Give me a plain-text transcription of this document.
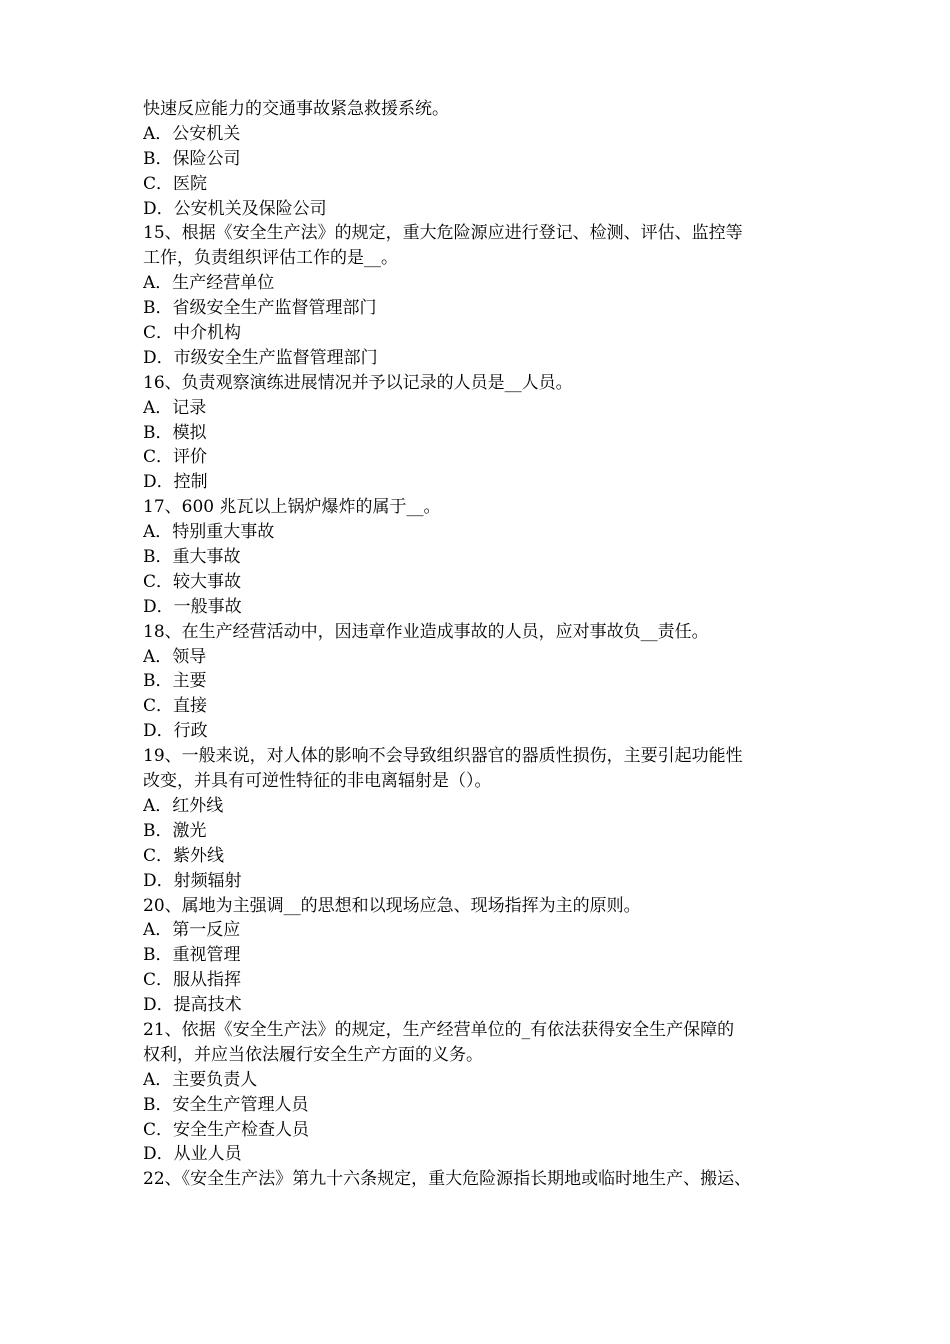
快速反应能力的交通事故紧急救援系统。
A．公安机关
B．保险公司
C．医院
D．公安机关及保险公司
15、根据《安全生产法》的规定，重大危险源应进行登记、检测、评估、监控等
工作，负责组织评估工作的是__。
A．生产经营单位
B．省级安全生产监督管理部门
C．中介机构
D．市级安全生产监督管理部门
16、负责观察演练进展情况并予以记录的人员是__人员。
A．记录
B．模拟
C．评价
D．控制
17、600 兆瓦以上锅炉爆炸的属于__。
A．特别重大事故
B．重大事故
C．较大事故
D．一般事故
18、在生产经营活动中，因违章作业造成事故的人员，应对事故负__责任。
A．领导
B．主要
C．直接
D．行政
19、一般来说，对人体的影响不会导致组织器官的器质性损伤，主要引起功能性
改变，并具有可逆性特征的非电离辐射是（）。
A．红外线
B．激光
C．紫外线
D．射频辐射
20、属地为主强调__的思想和以现场应急、现场指挥为主的原则。
A．第一反应
B．重视管理
C．服从指挥
D．提高技术
21、依据《安全生产法》的规定，生产经营单位的_有依法获得安全生产保障的
权利，并应当依法履行安全生产方面的义务。
A．主要负责人
B．安全生产管理人员
C．安全生产检查人员
D．从业人员
22、《安全生产法》第九十六条规定，重大危险源指长期地或临时地生产、搬运、
